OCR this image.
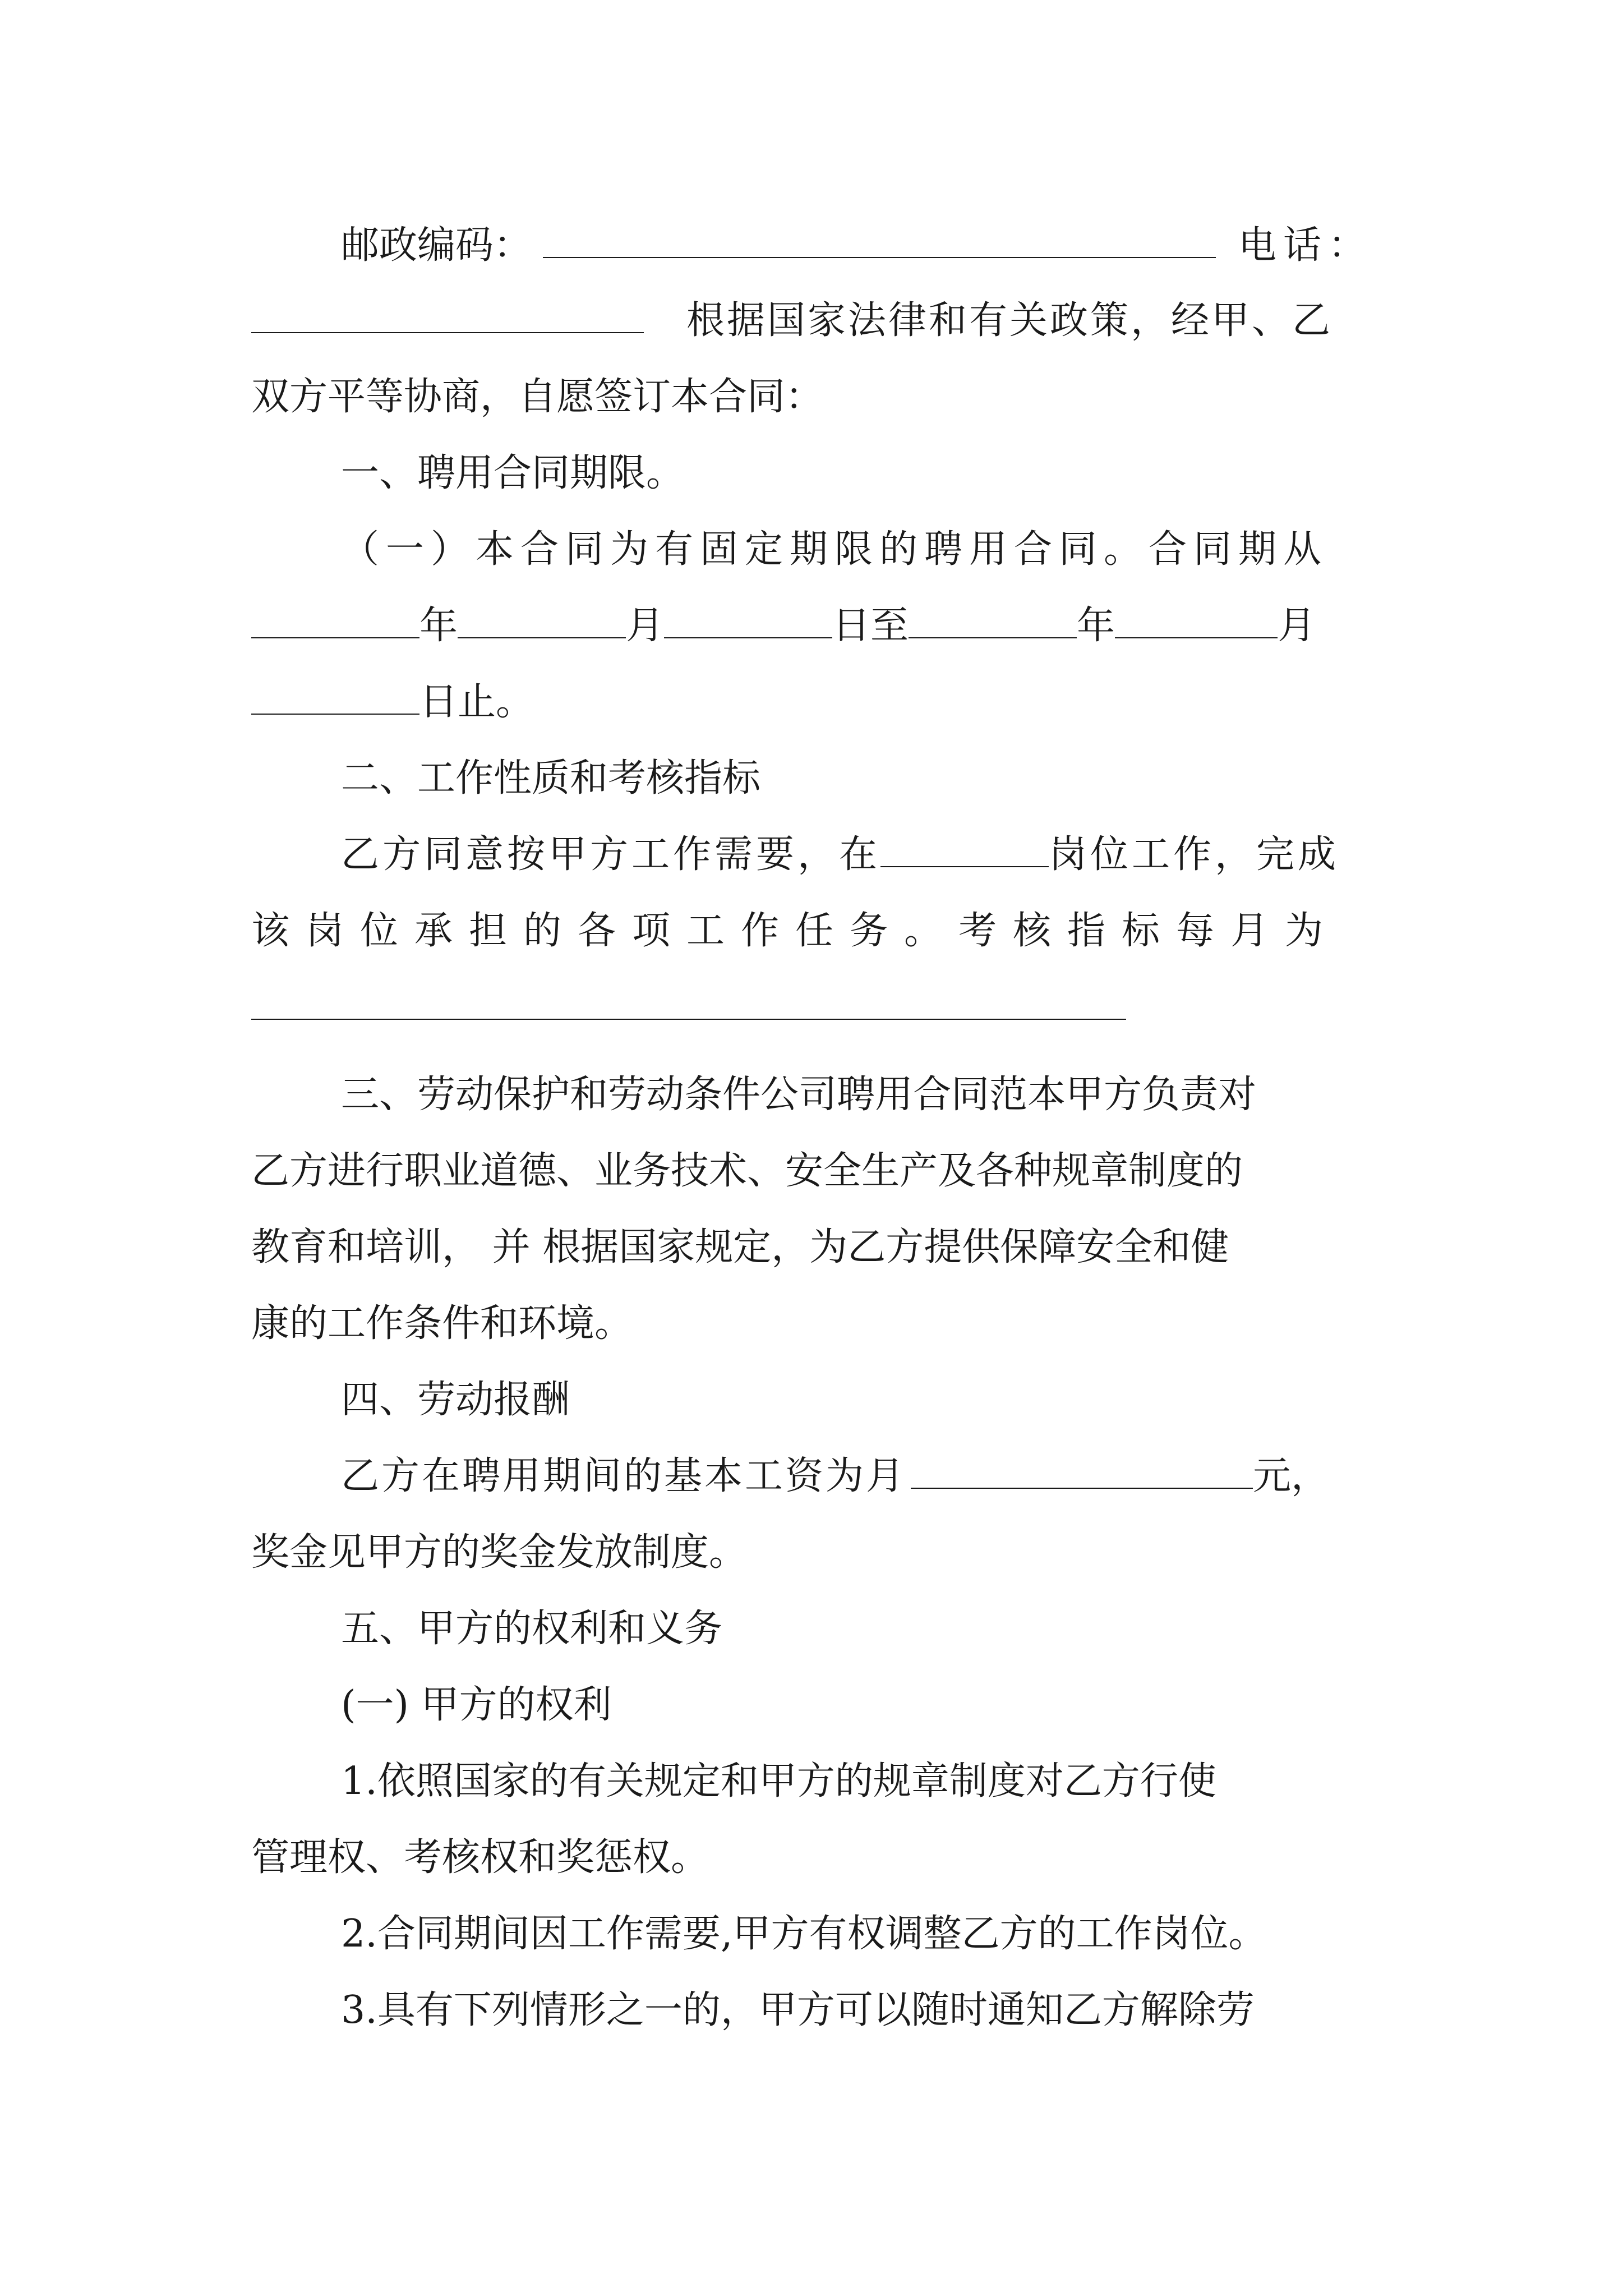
邮政编码：	电话：
根据国家法律和有关政策，经甲、乙
双方平等协商，自愿签订本合同：
一、聘用合同期限。
（一）本合同为有固定期限的聘用合同。合同期从
年	月	日至	年	月
日止。
二、工作性质和考核指标
乙方同意按甲方工作需要，在	岗位工作，完成
该岗位承担的各项工作任务。考核指标每月为
三、劳动保护和劳动条件公司聘用合同范本甲方负责对
乙方进行职业道德、业务技术、安全生产及各种规章制度的
教育和培训， 并 根据国家规定，为乙方提供保障安全和健
康的工作条件和环境。
四、劳动报酬
乙方在聘用期间的基本工资为月	元，
奖金见甲方的奖金发放制度。
五、甲方的权利和义务
(一) 甲方的权利
1.依照国家的有关规定和甲方的规章制度对乙方行使
管理权、考核权和奖惩权。
2.合同期间因工作需要,甲方有权调整乙方的工作岗位。
3.具有下列情形之一的，甲方可以随时通知乙方解除劳
